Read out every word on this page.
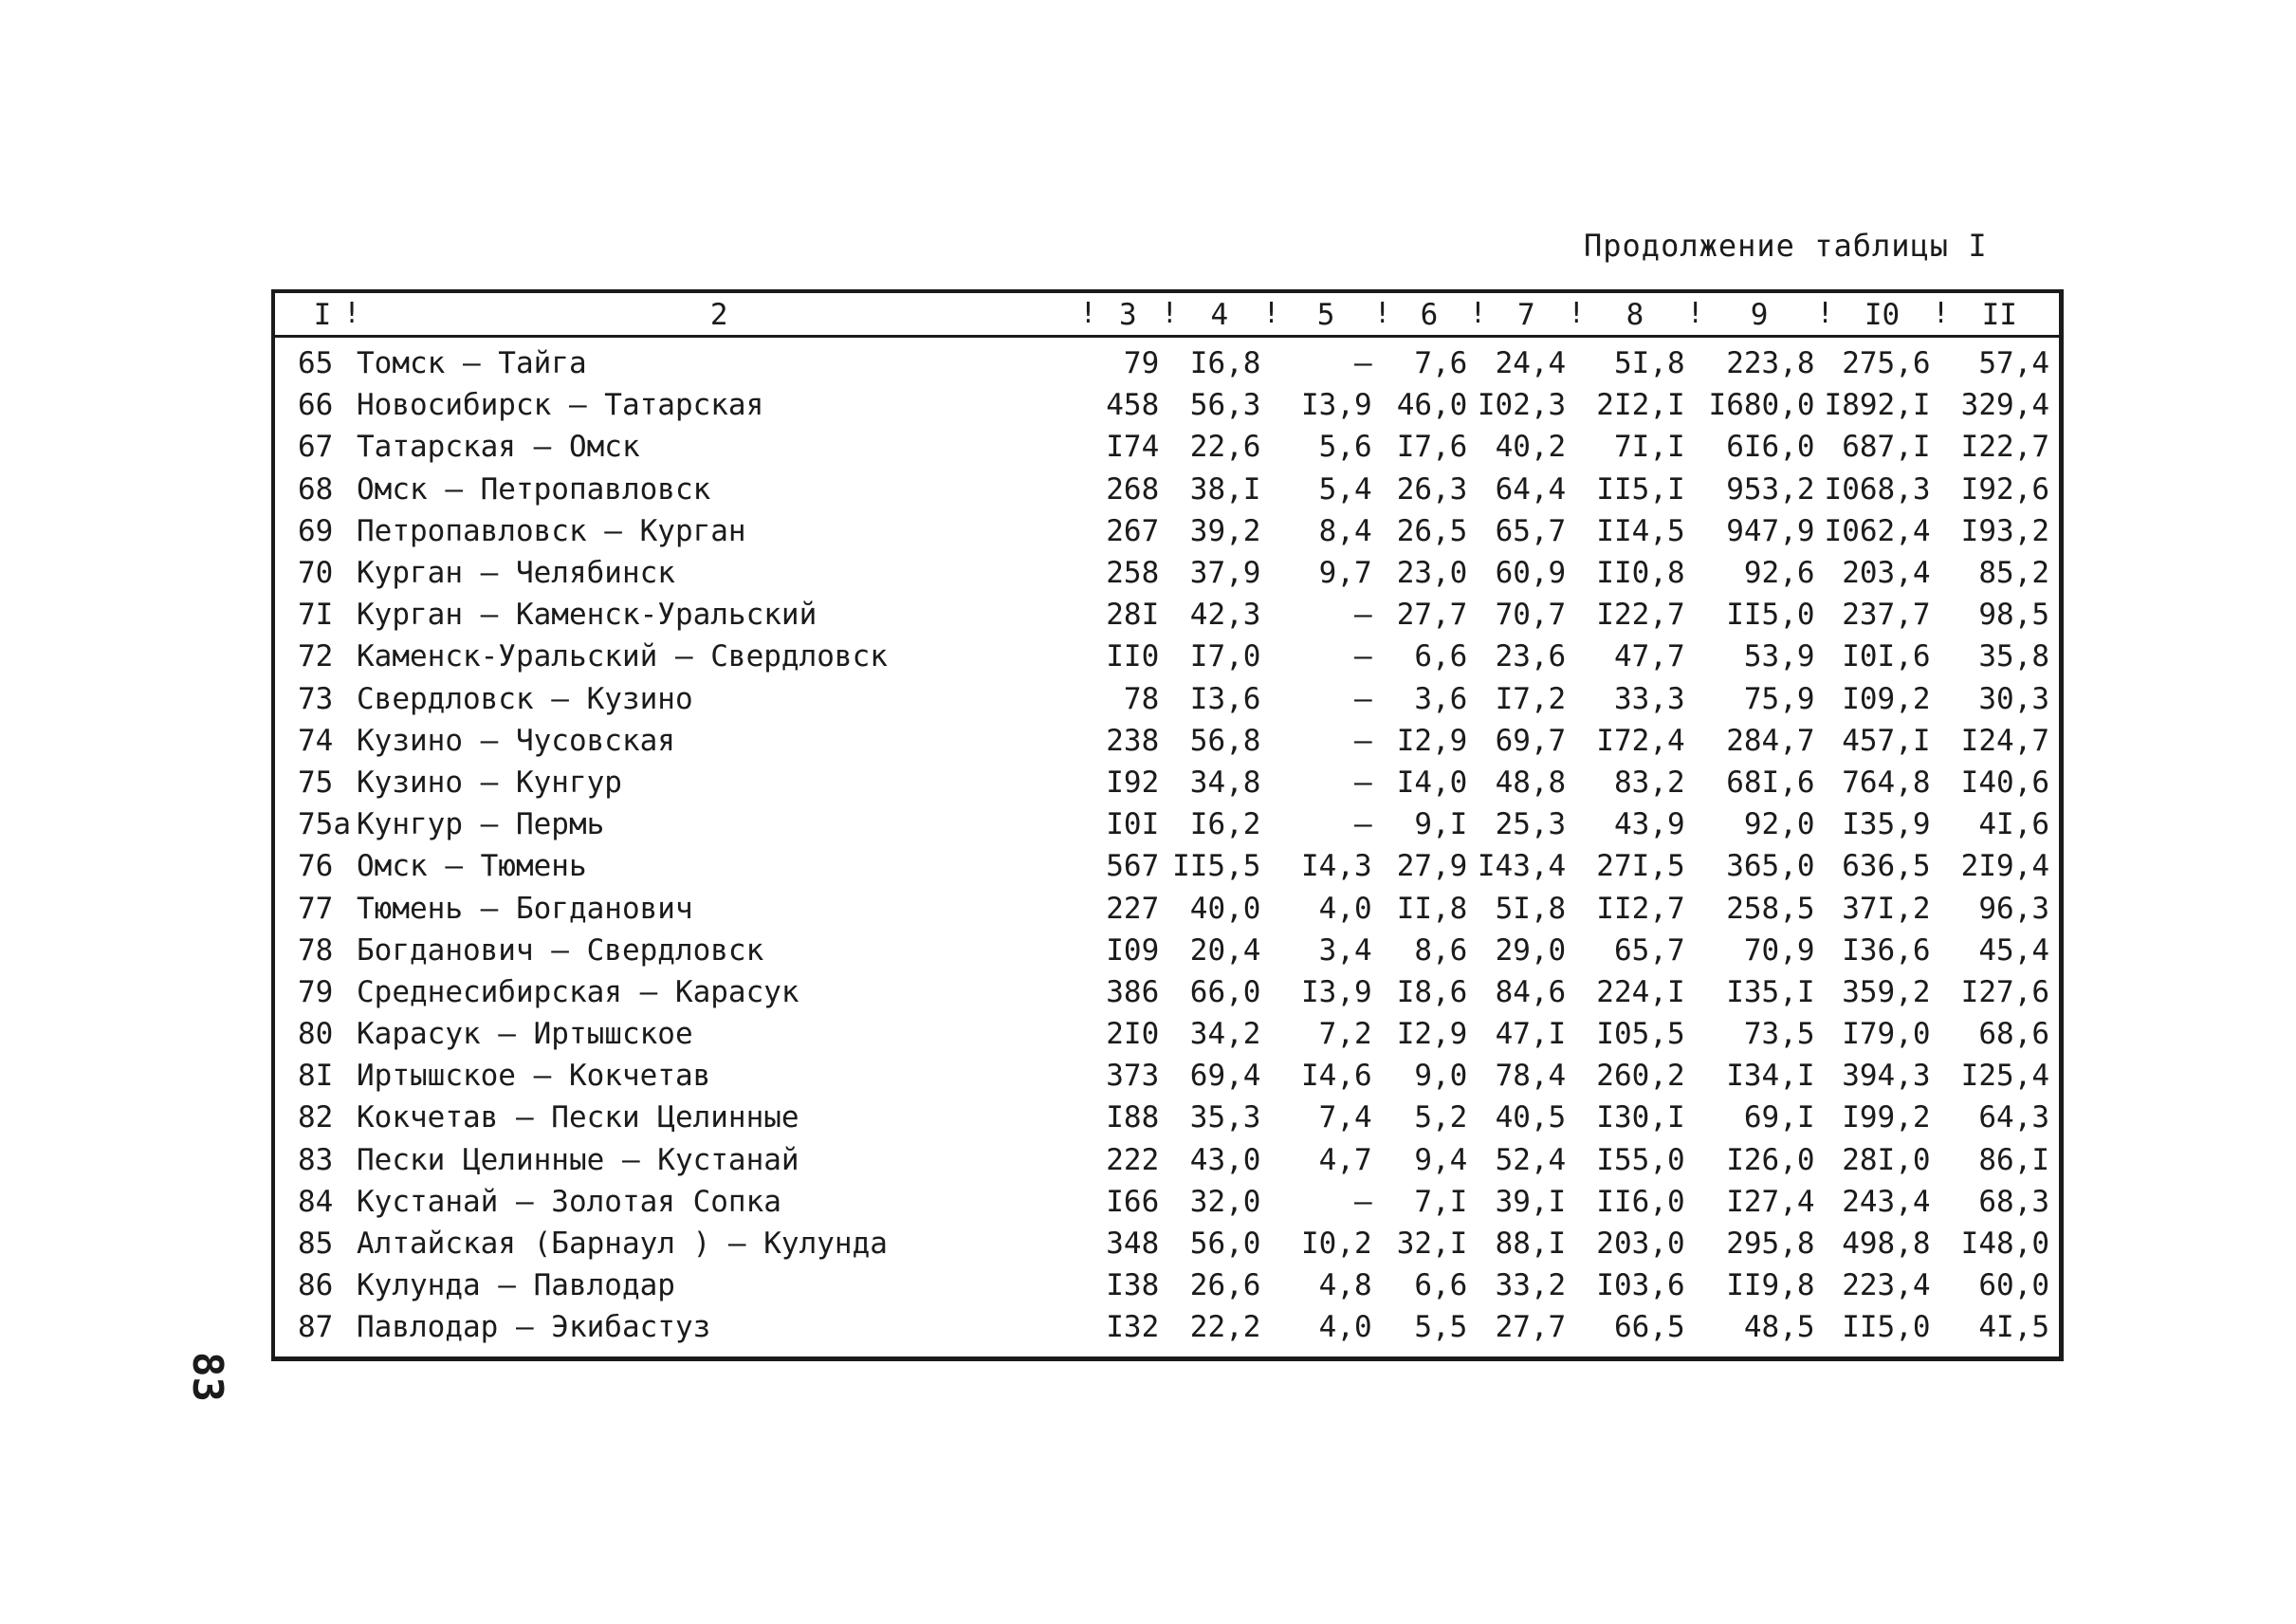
Продолжение таблицы I
83
I	! 2	! 3	! 4	! 5	! 6	! 7	! 8	! 9	! I0	! II
65	Томск – Тайга	79	I6,8	–	7,6	24,4	5I,8	223,8	275,6	57,4
66	Новосибирск – Татарская	458	56,3	I3,9	46,0	I02,3	2I2,I	I680,0	I892,I	329,4
67	Татарская – Омск	I74	22,6	5,6	I7,6	40,2	7I,I	6I6,0	687,I	I22,7
68	Омск – Петропавловск	268	38,I	5,4	26,3	64,4	II5,I	953,2	I068,3	I92,6
69	Петропавловск – Курган	267	39,2	8,4	26,5	65,7	II4,5	947,9	I062,4	I93,2
70	Курган – Челябинск	258	37,9	9,7	23,0	60,9	II0,8	92,6	203,4	85,2
7I	Курган – Каменск-Уральский	28I	42,3	–	27,7	70,7	I22,7	II5,0	237,7	98,5
72	Каменск-Уральский – Свердловск	II0	I7,0	–	6,6	23,6	47,7	53,9	I0I,6	35,8
73	Свердловск – Кузино	78	I3,6	–	3,6	I7,2	33,3	75,9	I09,2	30,3
74	Кузино – Чусовская	238	56,8	–	I2,9	69,7	I72,4	284,7	457,I	I24,7
75	Кузино – Кунгур	I92	34,8	–	I4,0	48,8	83,2	68I,6	764,8	I40,6
75а	Кунгур – Пермь	I0I	I6,2	–	9,I	25,3	43,9	92,0	I35,9	4I,6
76	Омск – Тюмень	567	II5,5	I4,3	27,9	I43,4	27I,5	365,0	636,5	2I9,4
77	Тюмень – Богданович	227	40,0	4,0	II,8	5I,8	II2,7	258,5	37I,2	96,3
78	Богданович – Свердловск	I09	20,4	3,4	8,6	29,0	65,7	70,9	I36,6	45,4
79	Среднесибирская – Карасук	386	66,0	I3,9	I8,6	84,6	224,I	I35,I	359,2	I27,6
80	Карасук – Иртышское	2I0	34,2	7,2	I2,9	47,I	I05,5	73,5	I79,0	68,6
8I	Иртышское – Кокчетав	373	69,4	I4,6	9,0	78,4	260,2	I34,I	394,3	I25,4
82	Кокчетав – Пески Целинные	I88	35,3	7,4	5,2	40,5	I30,I	69,I	I99,2	64,3
83	Пески Целинные – Кустанай	222	43,0	4,7	9,4	52,4	I55,0	I26,0	28I,0	86,I
84	Кустанай – Золотая Сопка	I66	32,0	–	7,I	39,I	II6,0	I27,4	243,4	68,3
85	Алтайская (Барнаул ) – Кулунда	348	56,0	I0,2	32,I	88,I	203,0	295,8	498,8	I48,0
86	Кулунда – Павлодар	I38	26,6	4,8	6,6	33,2	I03,6	II9,8	223,4	60,0
87	Павлодар – Экибастуз	I32	22,2	4,0	5,5	27,7	66,5	48,5	II5,0	4I,5
